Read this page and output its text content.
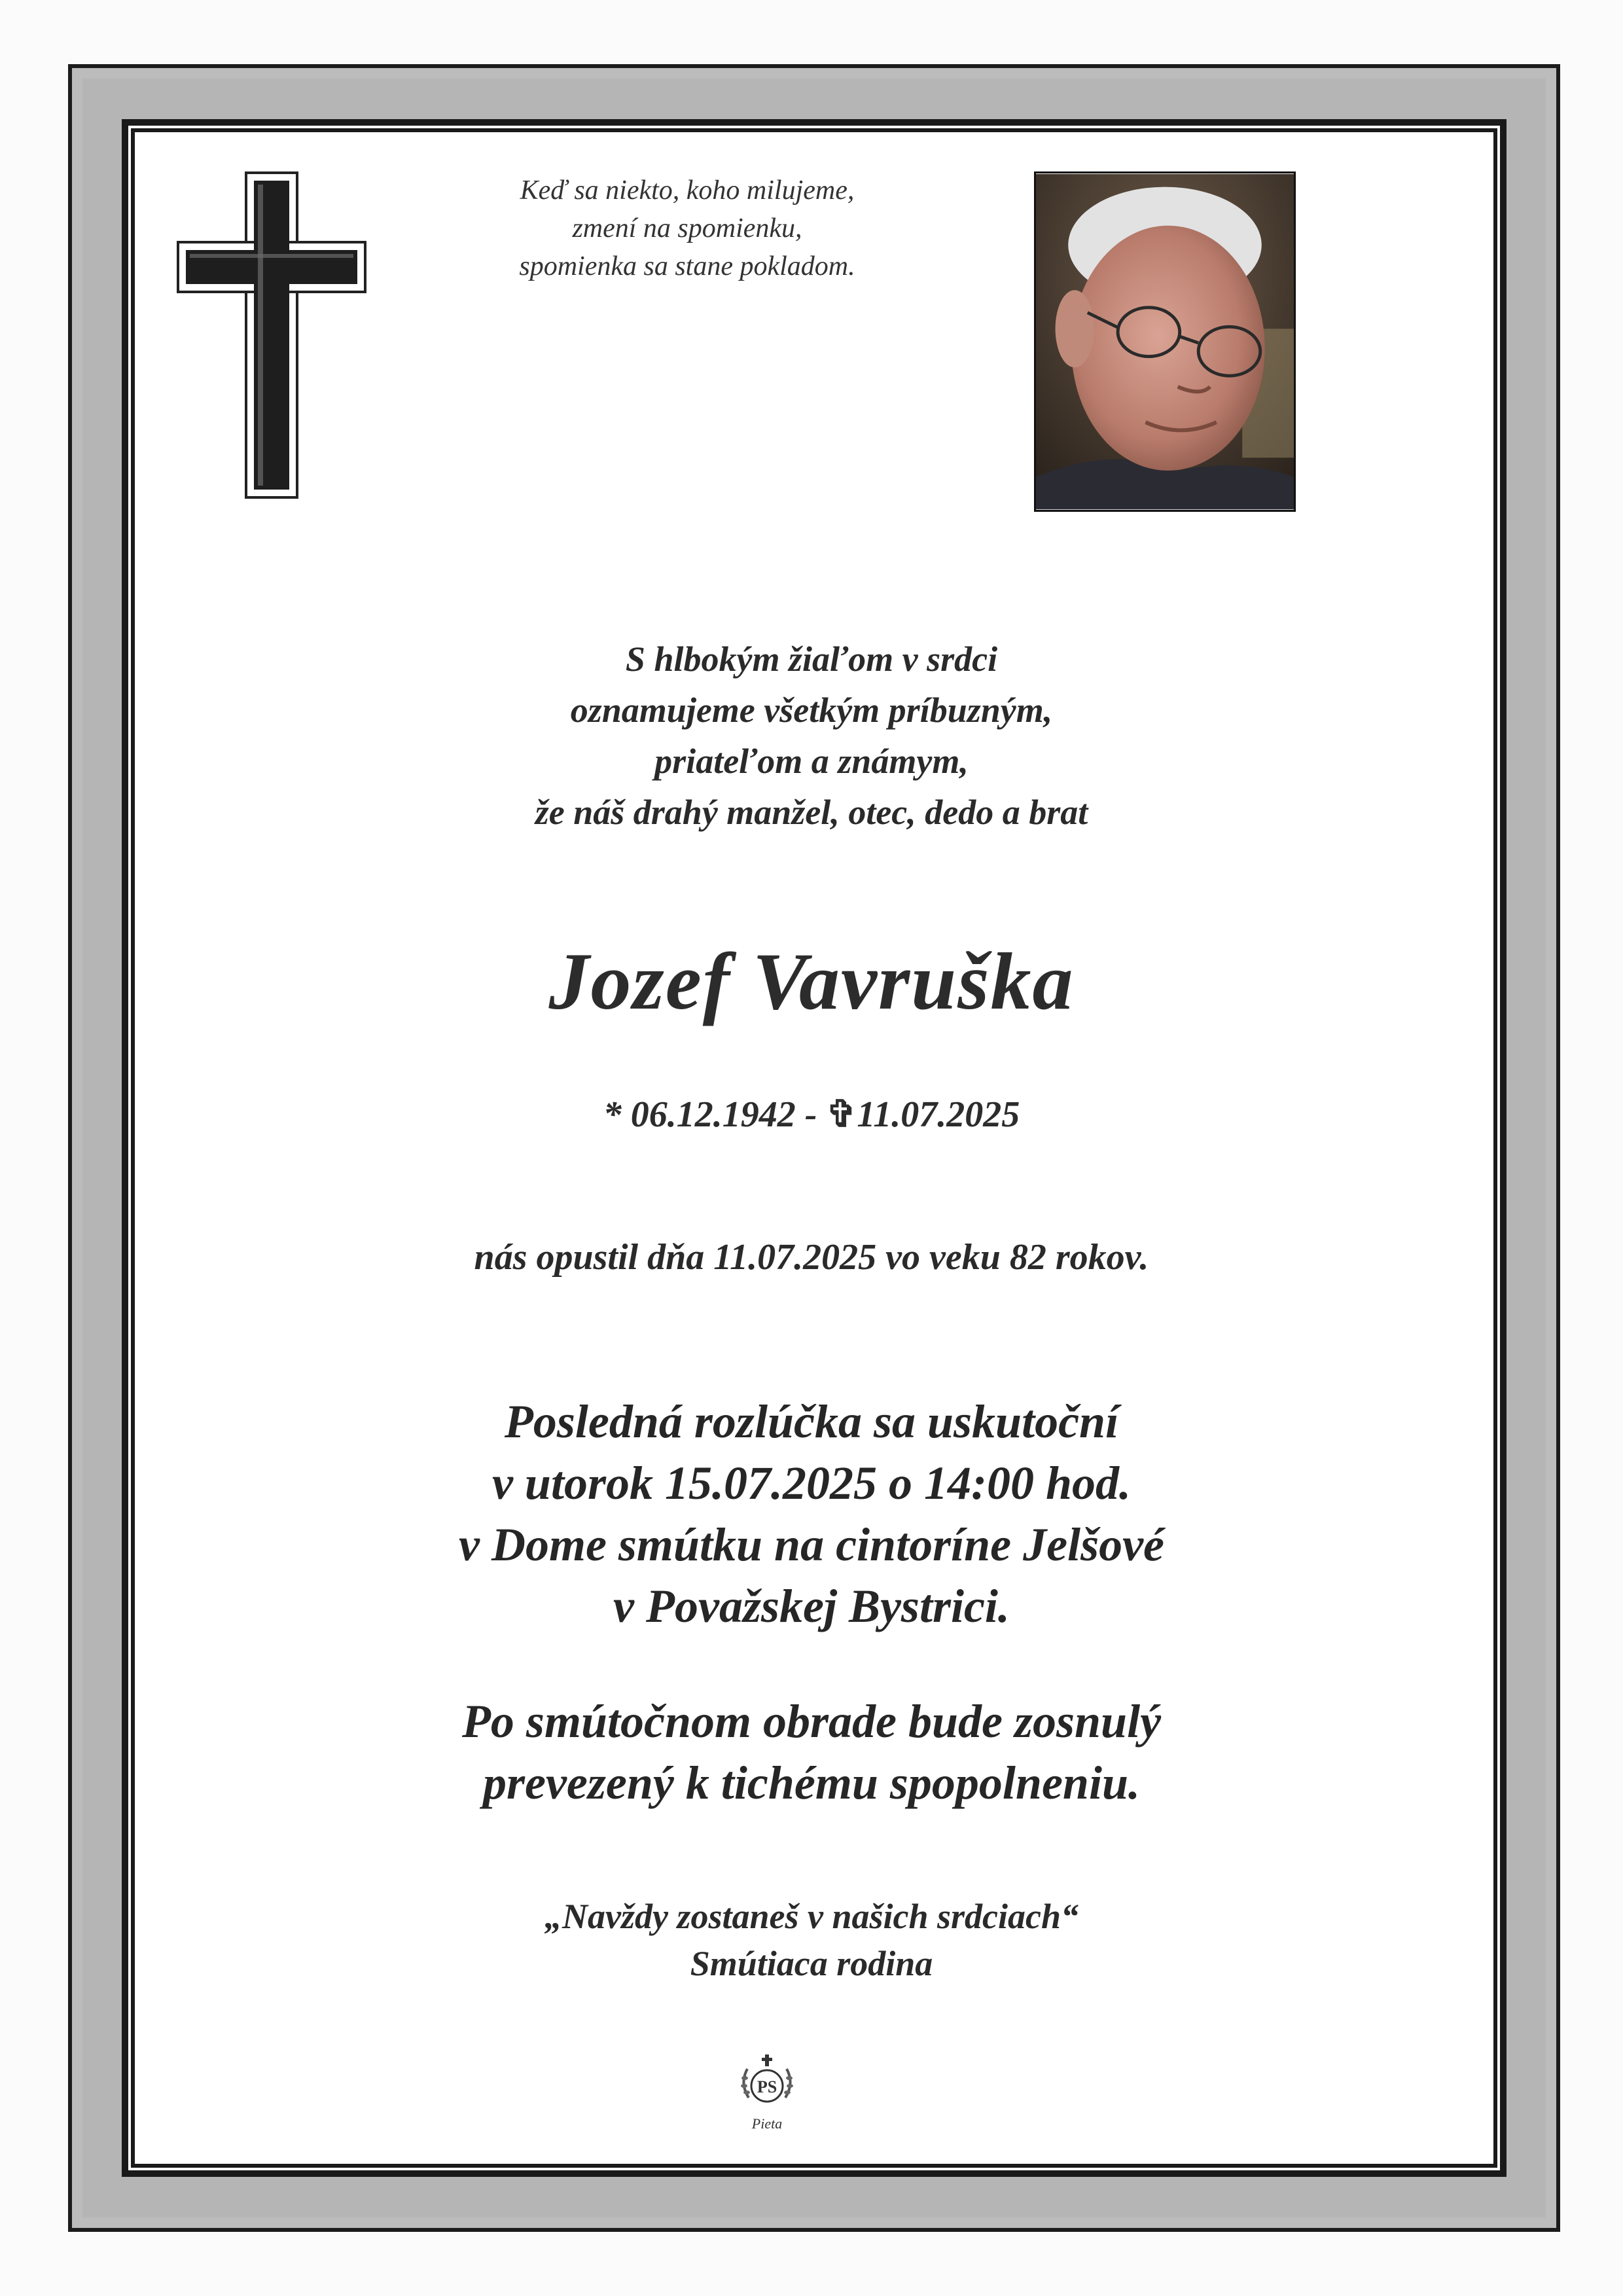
Keď sa niekto, koho milujeme,
zmení na spomienku,
spomienka sa stane pokladom.
S hlbokým žiaľom v srdci
oznamujeme všetkým príbuzným,
priateľom a známym,
že náš drahý manžel, otec, dedo a brat
Jozef Vavruška
* 06.12.1942 - ✞11.07.2025
nás opustil dňa 11.07.2025 vo veku 82 rokov.
Posledná rozlúčka sa uskutoční
v utorok 15.07.2025 o 14:00 hod.
v Dome smútku na cintoríne Jelšové
v Považskej Bystrici.
Po smútočnom obrade bude zosnulý
prevezený k tichému spopolneniu.
„Navždy zostaneš v našich srdciach“
Smútiaca rodina
PS
Pieta
